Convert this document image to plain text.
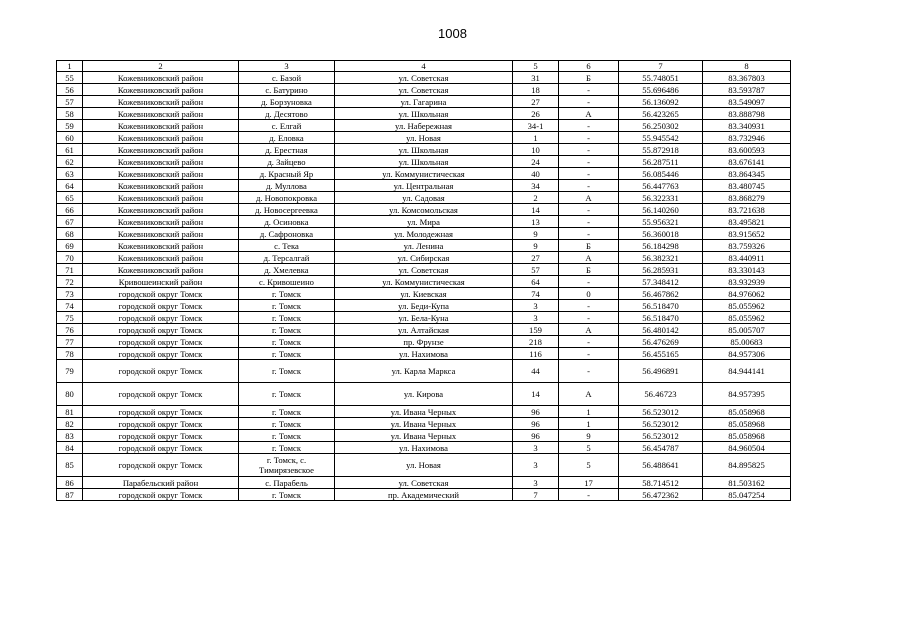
1008
1	2	3	4	5	6	7	8
55	Кожевниковский район	с. Базой	ул. Советская	31	Б	55.748051	83.367803
56	Кожевниковский район	с. Батурино	ул. Советская	18	-	55.696486	83.593787
57	Кожевниковский район	д. Борзуновка	ул. Гагарина	27	-	56.136092	83.549097
58	Кожевниковский район	д. Десятово	ул. Школьная	26	А	56.423265	83.888798
59	Кожевниковский район	с. Елгай	ул. Набережная	34-1	-	56.250302	83.340931
60	Кожевниковский район	д. Еловка	ул. Новая	1	-	55.945542	83.732946
61	Кожевниковский район	д. Ерестная	ул. Школьная	10	-	55.872918	83.600593
62	Кожевниковский район	д. Зайцево	ул. Школьная	24	-	56.287511	83.676141
63	Кожевниковский район	д. Красный Яр	ул. Коммунистическая	40	-	56.085446	83.864345
64	Кожевниковский район	д. Муллова	ул. Центральная	34	-	56.447763	83.480745
65	Кожевниковский район	д. Новопокровка	ул. Садовая	2	А	56.322331	83.868279
66	Кожевниковский район	д. Новосергеевка	ул. Комсомольская	14	-	56.140260	83.721638
67	Кожевниковский район	д. Осиновка	ул. Мира	13	-	55.956321	83.495821
68	Кожевниковский район	д. Сафроновка	ул. Молодежная	9	-	56.360018	83.915652
69	Кожевниковский район	с. Тека	ул. Ленина	9	Б	56.184298	83.759326
70	Кожевниковский район	д. Терсалгай	ул. Сибирская	27	А	56.382321	83.440911
71	Кожевниковский район	д. Хмелевка	ул. Советская	57	Б	56.285931	83.330143
72	Кривошеинский район	с. Кривошеино	ул. Коммунистическая	64	-	57.348412	83.932939
73	городской округ Томск	г. Томск	ул. Киевская	74	0	56.467862	84.976062
74	городской округ Томск	г. Томск	ул. Беди-Купа	3	-	56.518470	85.055962
75	городской округ Томск	г. Томск	ул. Бела-Куна	3	-	56.518470	85.055962
76	городской округ Томск	г. Томск	ул. Алтайская	159	А	56.480142	85.005707
77	городской округ Томск	г. Томск	пр. Фрунзе	218	-	56.476269	85.00683
78	городской округ Томск	г. Томск	ул. Нахимова	116	-	56.455165	84.957306
79	городской округ Томск	г. Томск	ул. Карла Маркса	44	-	56.496891	84.944141
80	городской округ Томск	г. Томск	ул. Кирова	14	А	56.46723	84.957395
81	городской округ Томск	г. Томск	ул. Ивана Черных	96	1	56.523012	85.058968
82	городской округ Томск	г. Томск	ул. Ивана Черных	96	1	56.523012	85.058968
83	городской округ Томск	г. Томск	ул. Ивана Черных	96	9	56.523012	85.058968
84	городской округ Томск	г. Томск	ул. Нахимова	3	5	56.454787	84.960504
85	городской округ Томск	г. Томск, с. Тимирязевское	ул. Новая	3	5	56.488641	84.895825
86	Парабельский район	с. Парабель	ул. Советская	3	17	58.714512	81.503162
87	городской округ Томск	г. Томск	пр. Академический	7	-	56.472362	85.047254
